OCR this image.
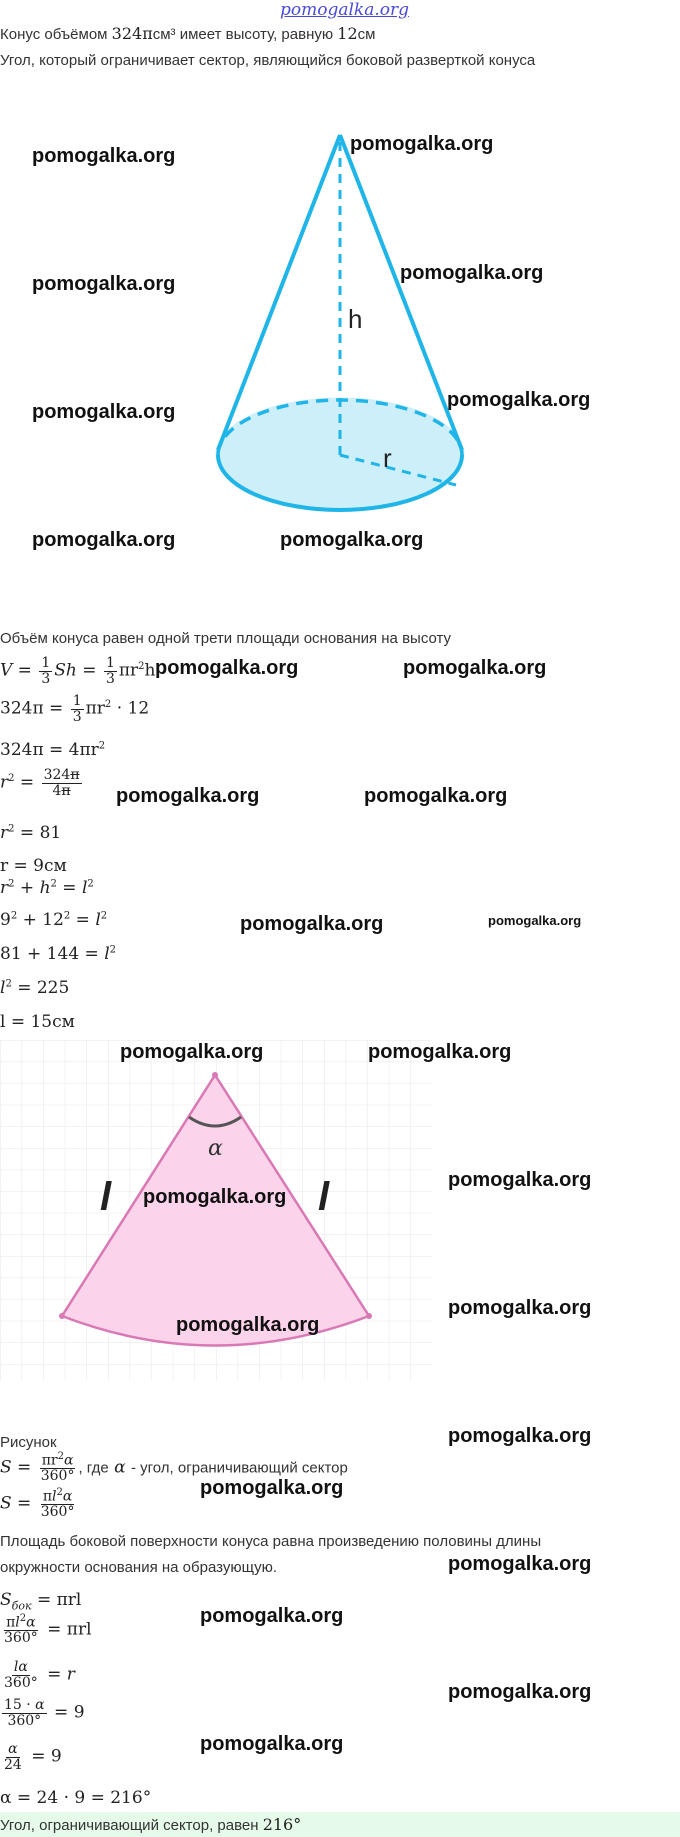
pomogalka.org
Конус объёмом 324πсм³ имеет высоту, равную 12см
Угол, который ограничивает сектор, являющийся боковой разверткой конуса
h
r
Объём конуса равен одной трети площади основания на высоту
$V = \frac{1}{3}$ $Sh = \frac{1}{3} \pi r^2h$
$324\pi = \frac{1}{3} \pi r^2 \cdot 12$
$324\pi = 4\pi r^2$
$r^2 = \frac{324\pi}{4\pi}$
$r^2 = 81$
r = 9см
$r^2 + h^2 = l^2$
$9^2 + 12^2 = l^2$
$81 + 144 = l^2$
$l^2 = 225$
l = 15см
α
l	l
Рисунок
$S = \frac{\pi r^2\alpha}{360^\circ}$ , где α - угол, ограничивающий сектор
$S = \frac{\pi l^2\alpha}{360^\circ}$
Площадь боковой поверхности конуса равна произведению половины длины
окружности основания на образующую.
$S_{бок} = \pi rl$
$\frac{\pi l^2\alpha}{360^\circ} = \pi rl$
$\frac{l\alpha}{360^\circ} = r$
$\frac{15 \cdot \alpha}{360^\circ} = 9$
$\frac{\alpha}{24} = 9$
α = 24 · 9 = 216°
Угол, ограничивающий сектор, равен 216°
pomogalka.org
pomogalka.org
pomogalka.org	pomogalka.org
pomogalka.org
pomogalka.org
pomogalka.org	pomogalka.org
pomogalka.org	pomogalka.org
pomogalka.org	pomogalka.org
pomogalka.org	pomogalka.org
pomogalka.org	pomogalka.org
pomogalka.org
pomogalka.org
pomogalka.org
pomogalka.org
pomogalka.org
pomogalka.org
pomogalka.org
pomogalka.org
pomogalka.org
pomogalka.org
